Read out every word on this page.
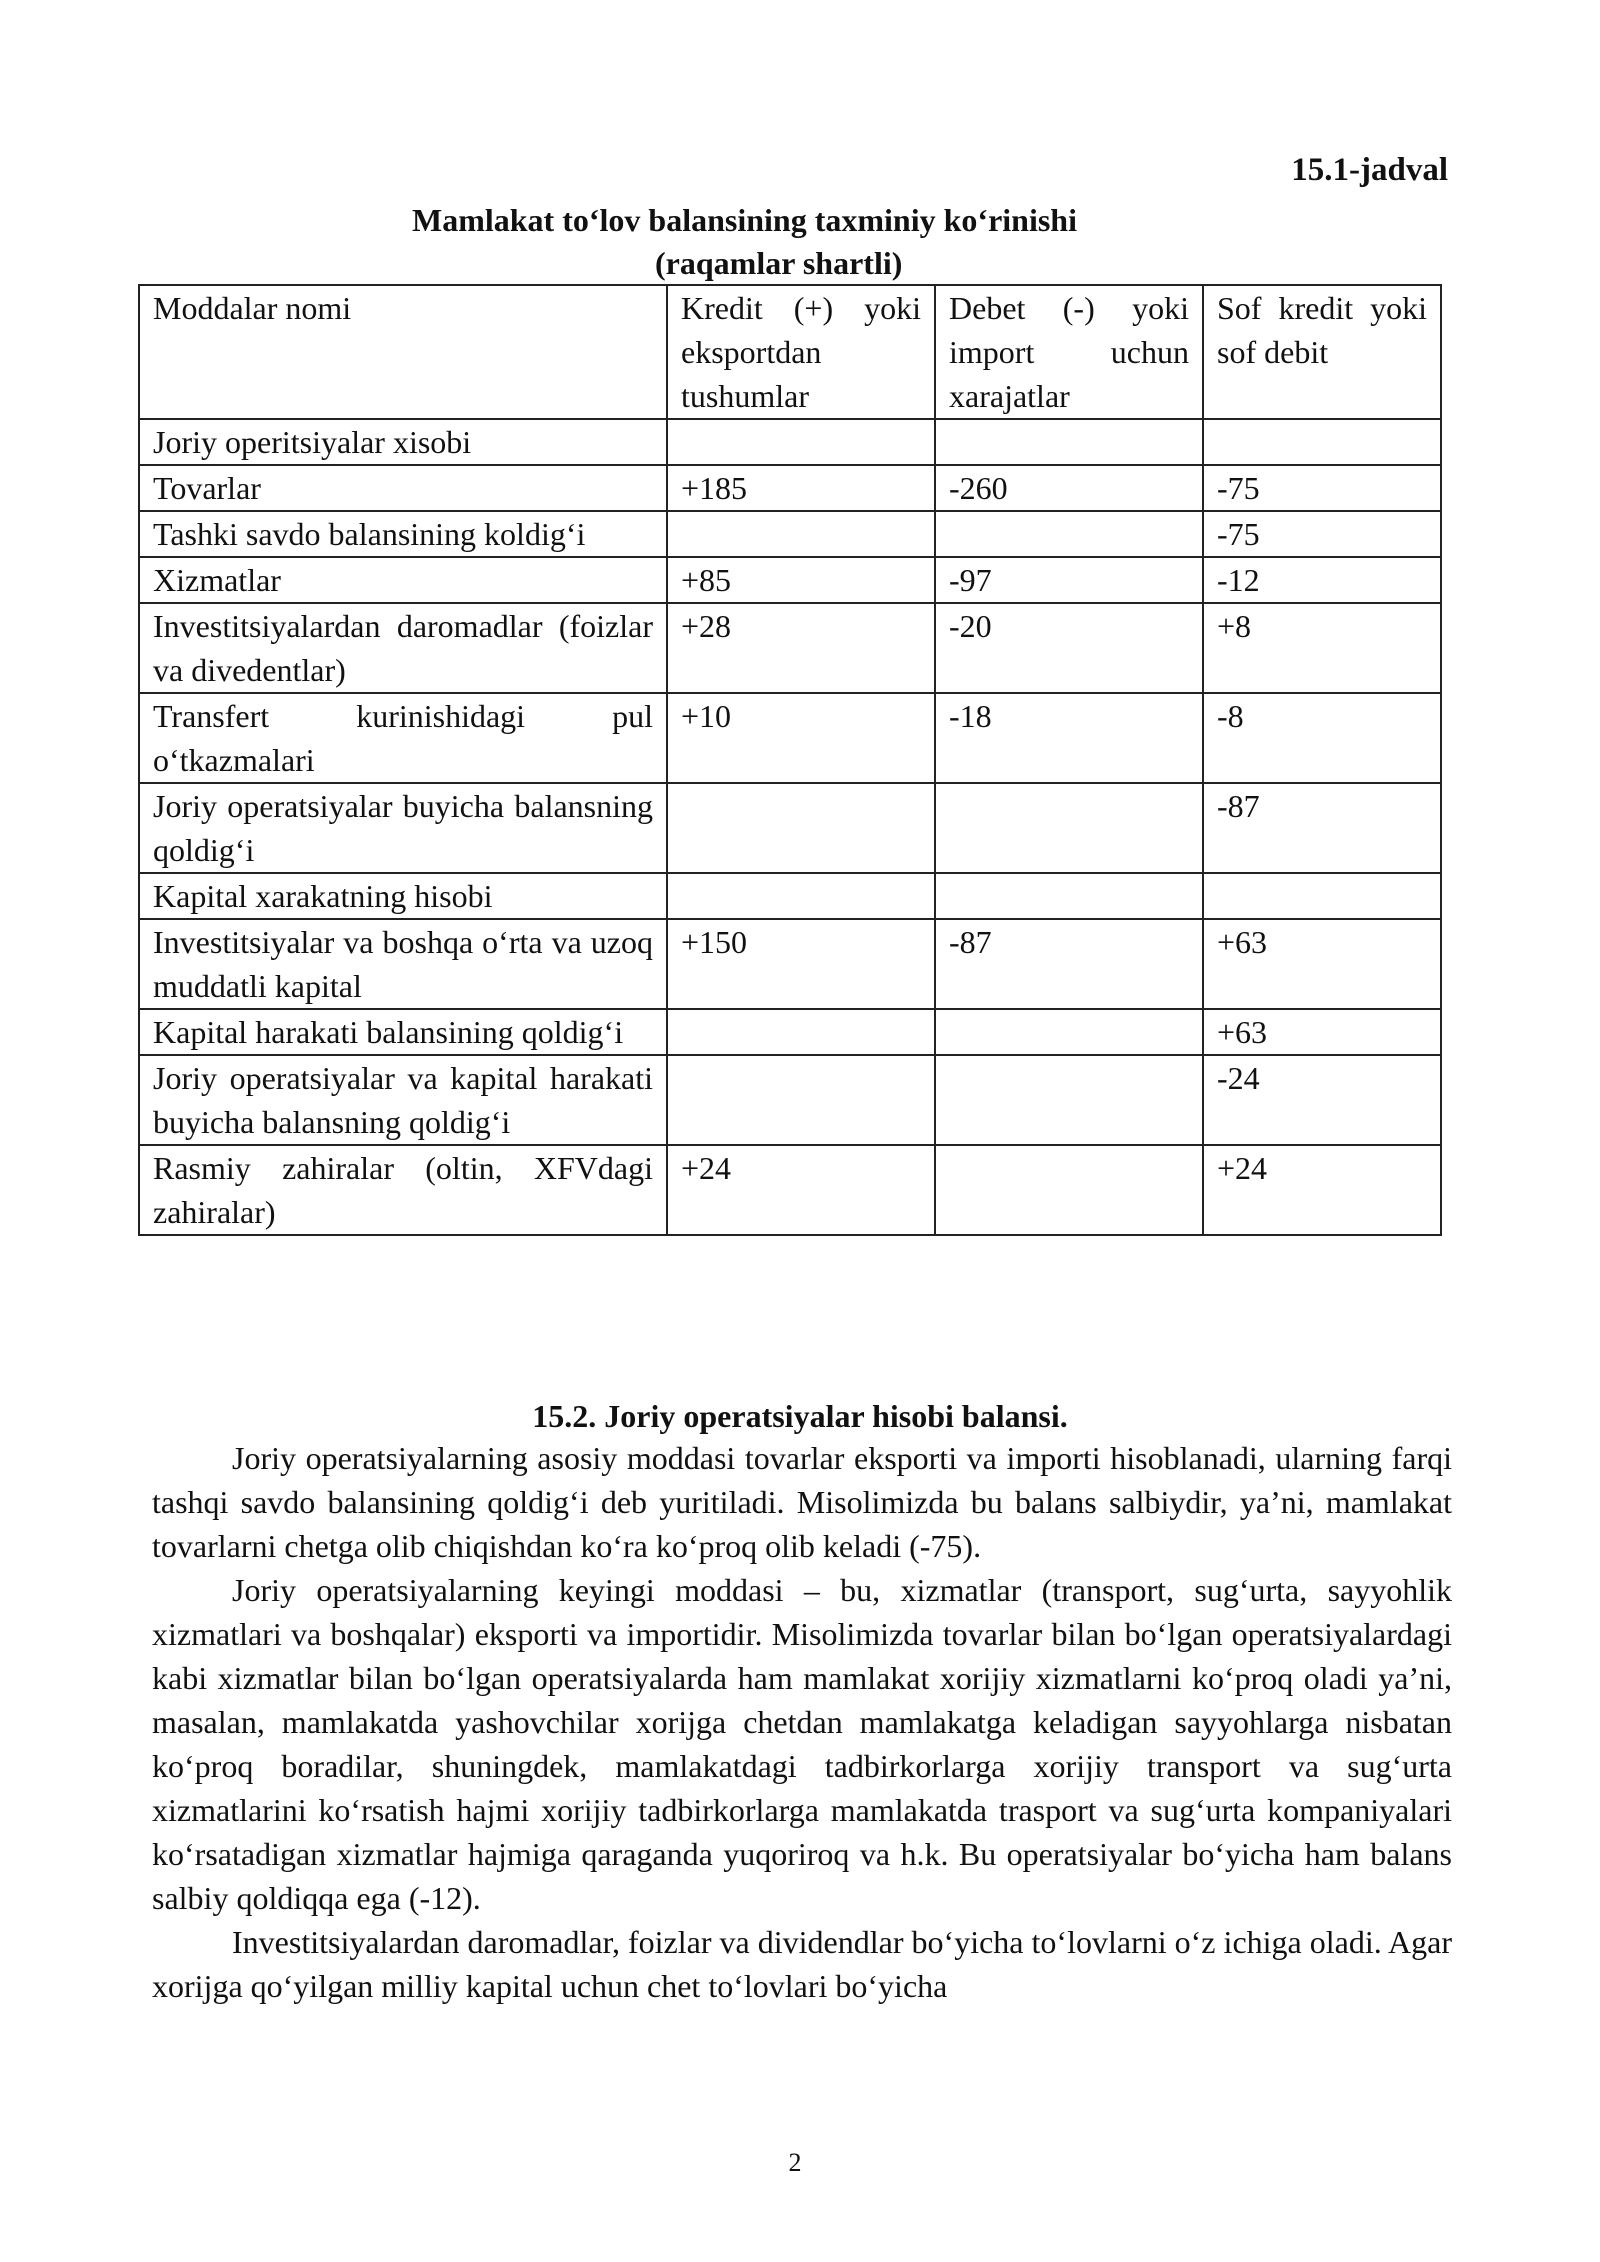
15.1-jadval
Mamlakat to‘lov balansining taxminiy ko‘rinishi
(raqamlar shartli)
Moddalar nomi	Kredit (+) yoki eksportdan tushumlar	Debet (-) yoki import uchun xarajatlar	Sof kredit yoki sof debit
Joriy operitsiyalar xisobi			
Tovarlar	+185	-260	-75
Tashki savdo balansining koldig‘i			-75
Xizmatlar	+85	-97	-12
Investitsiyalardan daromadlar (foizlar va divedentlar)	+28	-20	+8
Transfert kurinishidagi pul o‘tkazmalari	+10	-18	-8
Joriy operatsiyalar buyicha balansning qoldig‘i			-87
Kapital xarakatning hisobi			
Investitsiyalar va boshqa o‘rta va uzoq muddatli kapital	+150	-87	+63
Kapital harakati balansining qoldig‘i			+63
Joriy operatsiyalar va kapital harakati buyicha balansning qoldig‘i			-24
Rasmiy zahiralar (oltin, XFVdagi zahiralar)	+24		+24
15.2. Joriy operatsiyalar hisobi balansi.

Joriy operatsiyalarning asosiy moddasi tovarlar eksporti va importi hisoblanadi, ularning farqi tashqi savdo balansining qoldig‘i deb yuritiladi. Misolimizda bu balans salbiydir, ya’ni, mamlakat tovarlarni chetga olib chiqishdan ko‘ra ko‘proq olib keladi (-75).

Joriy operatsiyalarning keyingi moddasi – bu, xizmatlar (transport, sug‘urta, sayyohlik xizmatlari va boshqalar) eksporti va importidir. Misolimizda tovarlar bilan bo‘lgan operatsiyalardagi kabi xizmatlar bilan bo‘lgan operatsiyalarda ham mamlakat xorijiy xizmatlarni ko‘proq oladi ya’ni, masalan, mamlakatda yashovchilar xorijga chetdan mamlakatga keladigan sayyohlarga nisbatan ko‘proq boradilar, shuningdek, mamlakatdagi tadbirkorlarga xorijiy transport va sug‘urta xizmatlarini ko‘rsatish hajmi xorijiy tadbirkorlarga mamlakatda trasport va sug‘urta kompaniyalari ko‘rsatadigan xizmatlar hajmiga qaraganda yuqoriroq va h.k. Bu operatsiyalar bo‘yicha ham balans salbiy qoldiqqa ega (-12).

Investitsiyalardan daromadlar, foizlar va dividendlar bo‘yicha to‘lovlarni o‘z ichiga oladi. Agar xorijga qo‘yilgan milliy kapital uchun chet to‘lovlari bo‘yicha

2
